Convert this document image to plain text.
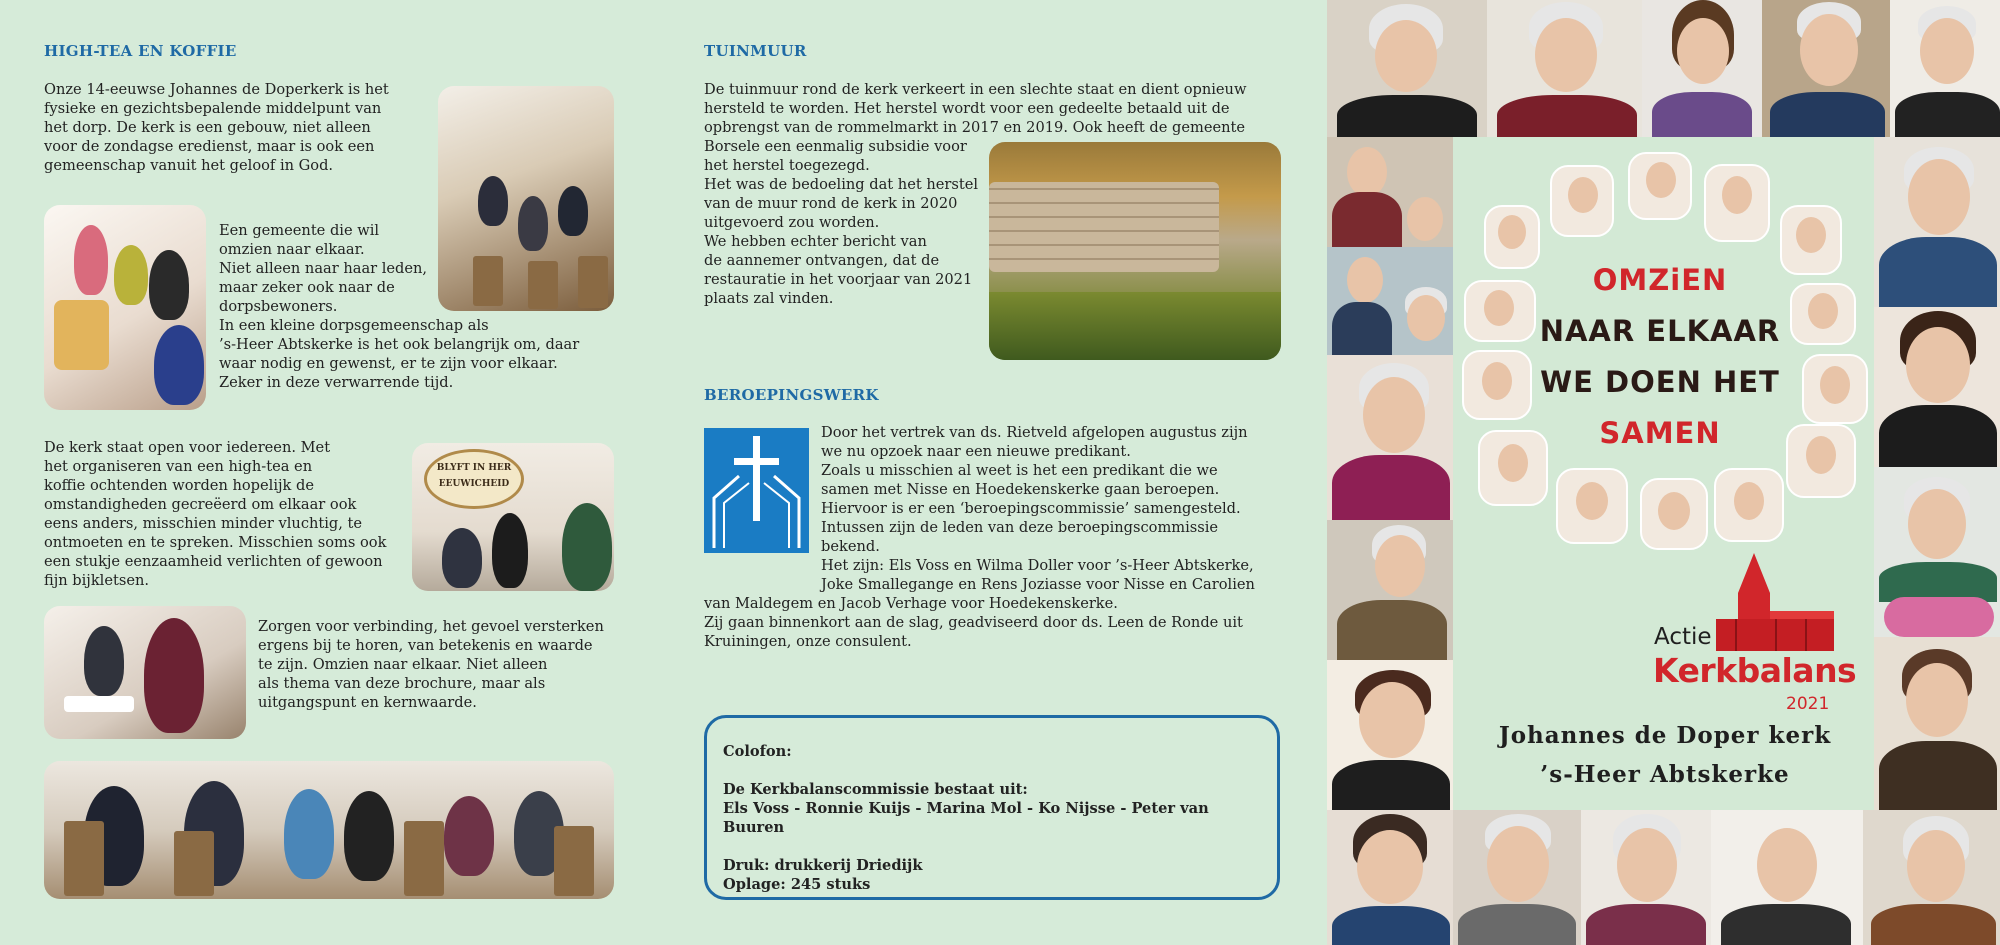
HIGH-TEA EN KOFFIE
Onze 14-eeuwse Johannes de Doperkerk is het
fysieke en gezichtsbepalende middelpunt van
het dorp. De kerk is een gebouw, niet alleen
voor de zondagse eredienst, maar is ook een
gemeenschap vanuit het geloof in God.
Een gemeente die wil
omzien naar elkaar.
Niet alleen naar haar leden,
maar zeker ook naar de
dorpsbewoners.
In een kleine dorpsgemeenschap als
’s-Heer Abtskerke is het ook belangrijk om, daar
waar nodig en gewenst, er te zijn voor elkaar.
Zeker in deze verwarrende tijd.
De kerk staat open voor iedereen. Met
het organiseren van een high-tea en
koffie ochtenden worden hopelijk de
omstandigheden gecreëerd om elkaar ook
eens anders, misschien minder vluchtig, te
ontmoeten en te spreken. Misschien soms ook
een stukje eenzaamheid verlichten of gewoon
fijn bijkletsen.
BLYFT IN HER
EEUWICHEID
Zorgen voor verbinding, het gevoel versterken
ergens bij te horen, van betekenis en waarde
te zijn. Omzien naar elkaar. Niet alleen
als thema van deze brochure, maar als
uitgangspunt en kernwaarde.
TUINMUUR
De tuinmuur rond de kerk verkeert in een slechte staat en dient opnieuw
hersteld te worden. Het herstel wordt voor een gedeelte betaald uit de
opbrengst van de rommelmarkt in 2017 en 2019. Ook heeft de gemeente
Borsele een eenmalig subsidie voor
het herstel toegezegd.
Het was de bedoeling dat het herstel
van de muur rond de kerk in 2020
uitgevoerd zou worden.
We hebben echter bericht van
de aannemer ontvangen, dat de
restauratie in het voorjaar van 2021
plaats zal vinden.
BEROEPINGSWERK
Door het vertrek van ds. Rietveld afgelopen augustus zijn
we nu opzoek naar een nieuwe predikant.
Zoals u misschien al weet is het een predikant die we
samen met Nisse en Hoedekenskerke gaan beroepen.
Hiervoor is er een ‘beroepingscommissie’ samengesteld.
Intussen zijn de leden van deze beroepingscommissie
bekend.
Het zijn: Els Voss en Wilma Doller voor ’s-Heer Abtskerke,
Joke Smallegange en Rens Joziasse voor Nisse en Carolien
van Maldegem en Jacob Verhage voor Hoedekenskerke.
Zij gaan binnenkort aan de slag, geadviseerd door ds. Leen de Ronde uit
Kruiningen, onze consulent.

Colofon:

De Kerkbalanscommissie bestaat uit:

Els Voss - Ronnie Kuijs - Marina Mol - Ko Nijsse - Peter van Buuren

Druk: drukkerij Driedijk

Oplage: 245 stuks

OMZiEN
NAAR ELKAAR
WE DOEN HET
SAMEN
Actie
Kerkbalans
2021
Johannes de Doper kerk
’s-Heer Abtskerke
